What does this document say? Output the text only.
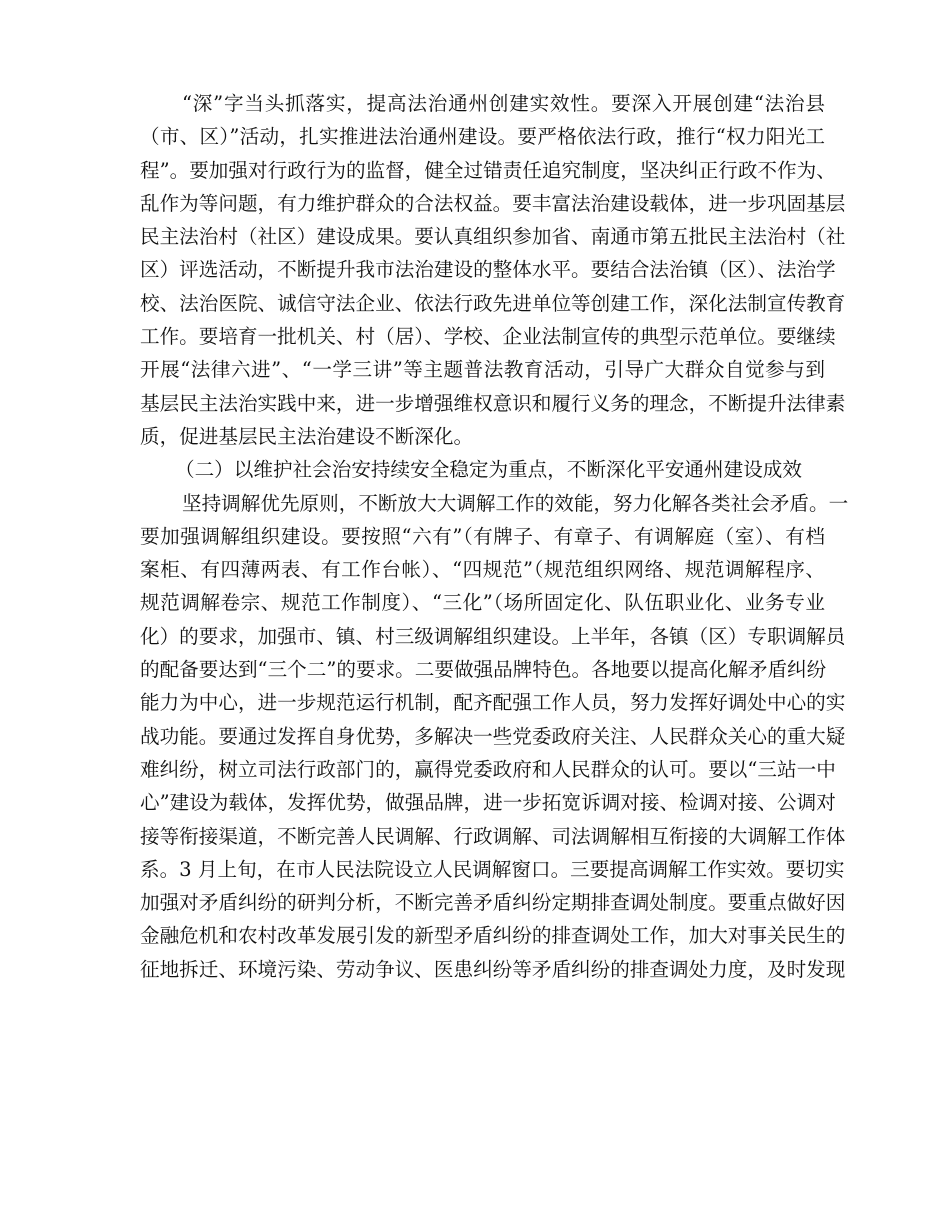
“深”字当头抓落实，提高法治通州创建实效性。要深入开展创建“法治县
（市、区）”活动，扎实推进法治通州建设。要严格依法行政，推行“权力阳光工
程”。要加强对行政行为的监督，健全过错责任追究制度，坚决纠正行政不作为、
乱作为等问题，有力维护群众的合法权益。要丰富法治建设载体，进一步巩固基层
民主法治村（社区）建设成果。要认真组织参加省、南通市第五批民主法治村（社
区）评选活动，不断提升我市法治建设的整体水平。要结合法治镇（区）、法治学
校、法治医院、诚信守法企业、依法行政先进单位等创建工作，深化法制宣传教育
工作。要培育一批机关、村（居）、学校、企业法制宣传的典型示范单位。要继续
开展“法律六进”、“一学三讲”等主题普法教育活动，引导广大群众自觉参与到
基层民主法治实践中来，进一步增强维权意识和履行义务的理念，不断提升法律素
质，促进基层民主法治建设不断深化。
（二）以维护社会治安持续安全稳定为重点，不断深化平安通州建设成效
坚持调解优先原则，不断放大大调解工作的效能，努力化解各类社会矛盾。一
要加强调解组织建设。要按照“六有”（有牌子、有章子、有调解庭（室）、有档
案柜、有四薄两表、有工作台帐）、“四规范”（规范组织网络、规范调解程序、
规范调解卷宗、规范工作制度）、“三化”（场所固定化、队伍职业化、业务专业
化）的要求，加强市、镇、村三级调解组织建设。上半年，各镇（区）专职调解员
的配备要达到“三个二”的要求。二要做强品牌特色。各地要以提高化解矛盾纠纷
能力为中心，进一步规范运行机制，配齐配强工作人员，努力发挥好调处中心的实
战功能。要通过发挥自身优势，多解决一些党委政府关注、人民群众关心的重大疑
难纠纷，树立司法行政部门的，赢得党委政府和人民群众的认可。要以“三站一中
心”建设为载体，发挥优势，做强品牌，进一步拓宽诉调对接、检调对接、公调对
接等衔接渠道，不断完善人民调解、行政调解、司法调解相互衔接的大调解工作体
系。3 月上旬，在市人民法院设立人民调解窗口。三要提高调解工作实效。要切实
加强对矛盾纠纷的研判分析，不断完善矛盾纠纷定期排查调处制度。要重点做好因
金融危机和农村改革发展引发的新型矛盾纠纷的排查调处工作，加大对事关民生的
征地拆迁、环境污染、劳动争议、医患纠纷等矛盾纠纷的排查调处力度，及时发现
